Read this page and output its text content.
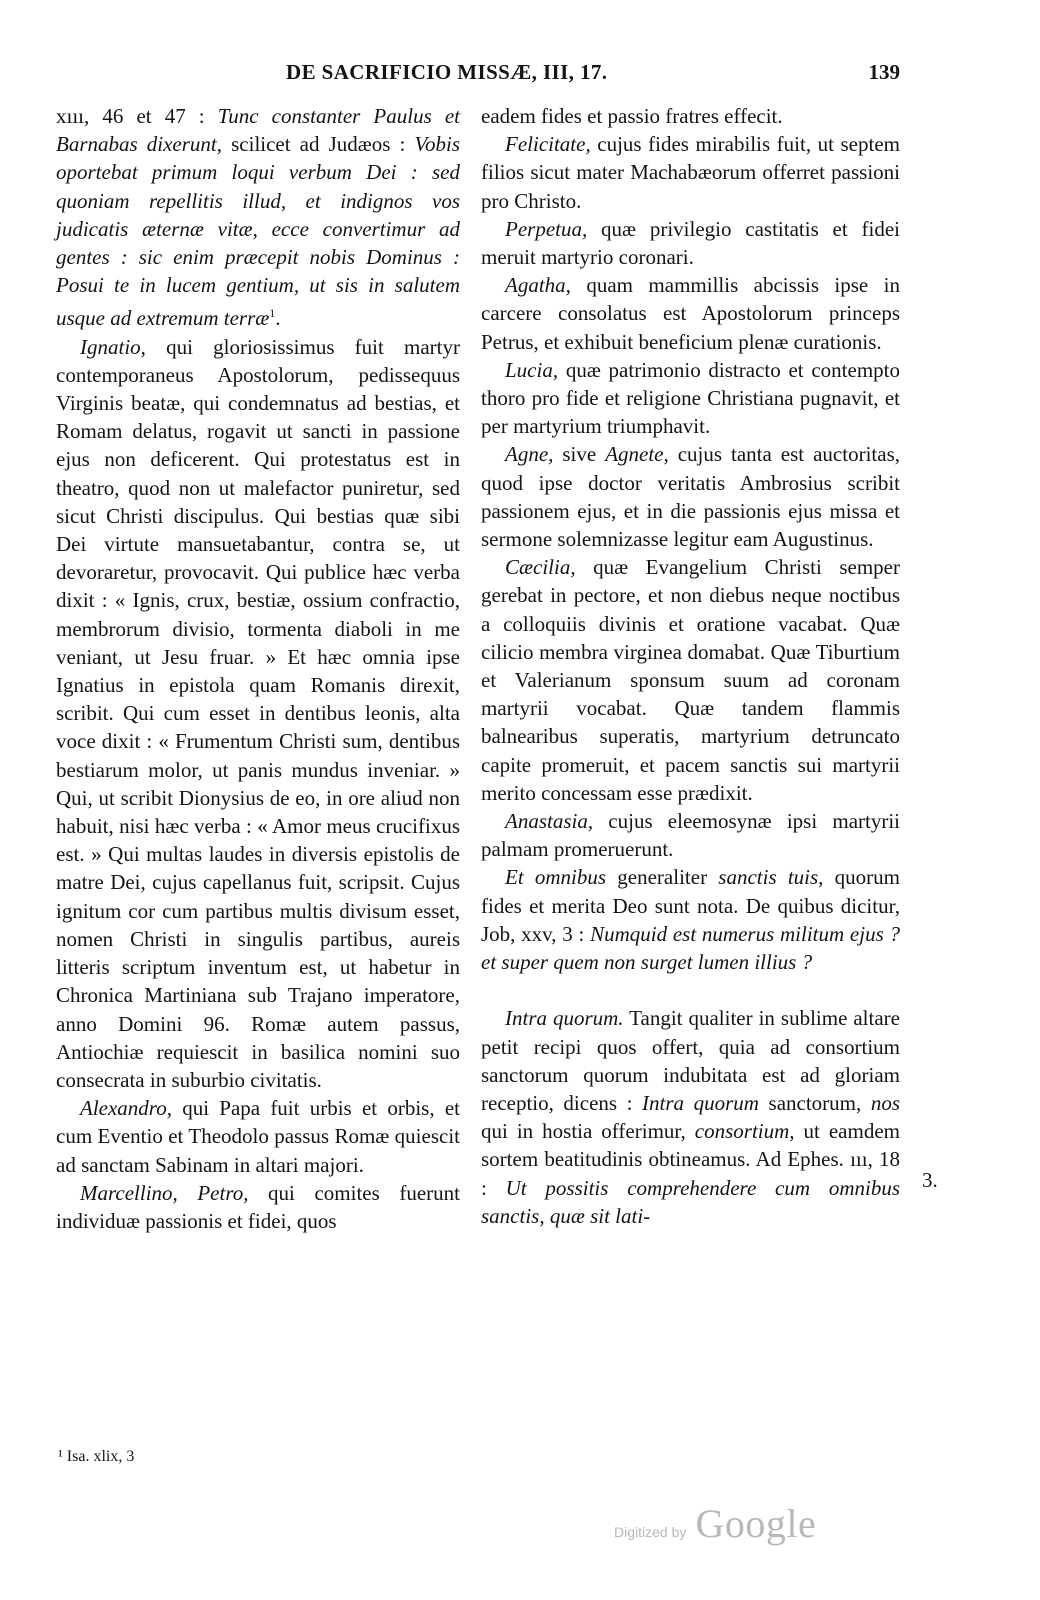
DE SACRIFICIO MISSÆ, III, 17.	139

xııı, 46 et 47 : Tunc constanter Paulus et Barnabas dixerunt, scilicet ad Judæos : Vobis oportebat primum loqui verbum Dei : sed quoniam repellitis illud, et indignos vos judicatis æternæ vitæ, ecce convertimur ad gentes : sic enim præcepit nobis Dominus : Posui te in lucem gentium, ut sis in salutem usque ad extremum terræ$^1$.

Ignatio, qui gloriosissimus fuit martyr contemporaneus Apostolorum, pedissequus Virginis beatæ, qui condemnatus ad bestias, et Romam delatus, rogavit ut sancti in passione ejus non deficerent. Qui protestatus est in theatro, quod non ut malefactor puniretur, sed sicut Christi discipulus. Qui bestias quæ sibi Dei virtute mansuetabantur, contra se, ut devoraretur, provocavit. Qui publice hæc verba dixit : « Ignis, crux, bestiæ, ossium confractio, membrorum divisio, tormenta diaboli in me veniant, ut Jesu fruar. » Et hæc omnia ipse Ignatius in epistola quam Romanis direxit, scribit. Qui cum esset in dentibus leonis, alta voce dixit : « Frumentum Christi sum, dentibus bestiarum molor, ut panis mundus inveniar. » Qui, ut scribit Dionysius de eo, in ore aliud non habuit, nisi hæc verba : « Amor meus crucifixus est. » Qui multas laudes in diversis epistolis de matre Dei, cujus capellanus fuit, scripsit. Cujus ignitum cor cum partibus multis divisum esset, nomen Christi in singulis partibus, aureis litteris scriptum inventum est, ut habetur in Chronica Martiniana sub Trajano imperatore, anno Domini 96. Romæ autem passus, Antiochiæ requiescit in basilica nomini suo consecrata in suburbio civitatis.

Alexandro, qui Papa fuit urbis et orbis, et cum Eventio et Theodolo passus Romæ quiescit ad sanctam Sabinam in altari majori.

Marcellino, Petro, qui comites fuerunt individuæ passionis et fidei, quos

eadem fides et passio fratres effecit.

Felicitate, cujus fides mirabilis fuit, ut septem filios sicut mater Machabæorum offerret passioni pro Christo.

Perpetua, quæ privilegio castitatis et fidei meruit martyrio coronari.

Agatha, quam mammillis abcissis ipse in carcere consolatus est Apostolorum princeps Petrus, et exhibuit beneficium plenæ curationis.

Lucia, quæ patrimonio distracto et contempto thoro pro fide et religione Christiana pugnavit, et per martyrium triumphavit.

Agne, sive Agnete, cujus tanta est auctoritas, quod ipse doctor veritatis Ambrosius scribit passionem ejus, et in die passionis ejus missa et sermone solemnizasse legitur eam Augustinus.

Cæcilia, quæ Evangelium Christi semper gerebat in pectore, et non diebus neque noctibus a colloquiis divinis et oratione vacabat. Quæ cilicio membra virginea domabat. Quæ Tiburtium et Valerianum sponsum suum ad coronam martyrii vocabat. Quæ tandem flammis balnearibus superatis, martyrium detruncato capite promeruit, et pacem sanctis sui martyrii merito concessam esse prædixit.

Anastasia, cujus eleemosynæ ipsi martyrii palmam promeruerunt.

Et omnibus generaliter sanctis tuis, quorum fides et merita Deo sunt nota. De quibus dicitur, Job, xxv, 3 : Numquid est numerus militum ejus ? et super quem non surget lumen illius ?

Intra quorum. Tangit qualiter in sublime altare petit recipi quos offert, quia ad consortium sanctorum quorum indubitata est ad gloriam receptio, dicens : Intra quorum sanctorum, nos qui in hostia offerimur, consortium, ut eamdem sortem beatitudinis obtineamus. Ad Ephes. ııı, 18 : Ut possitis comprehendere cum omnibus sanctis, quæ sit lati-

3.
¹ Isa. xlix, 3
Digitized by Google
